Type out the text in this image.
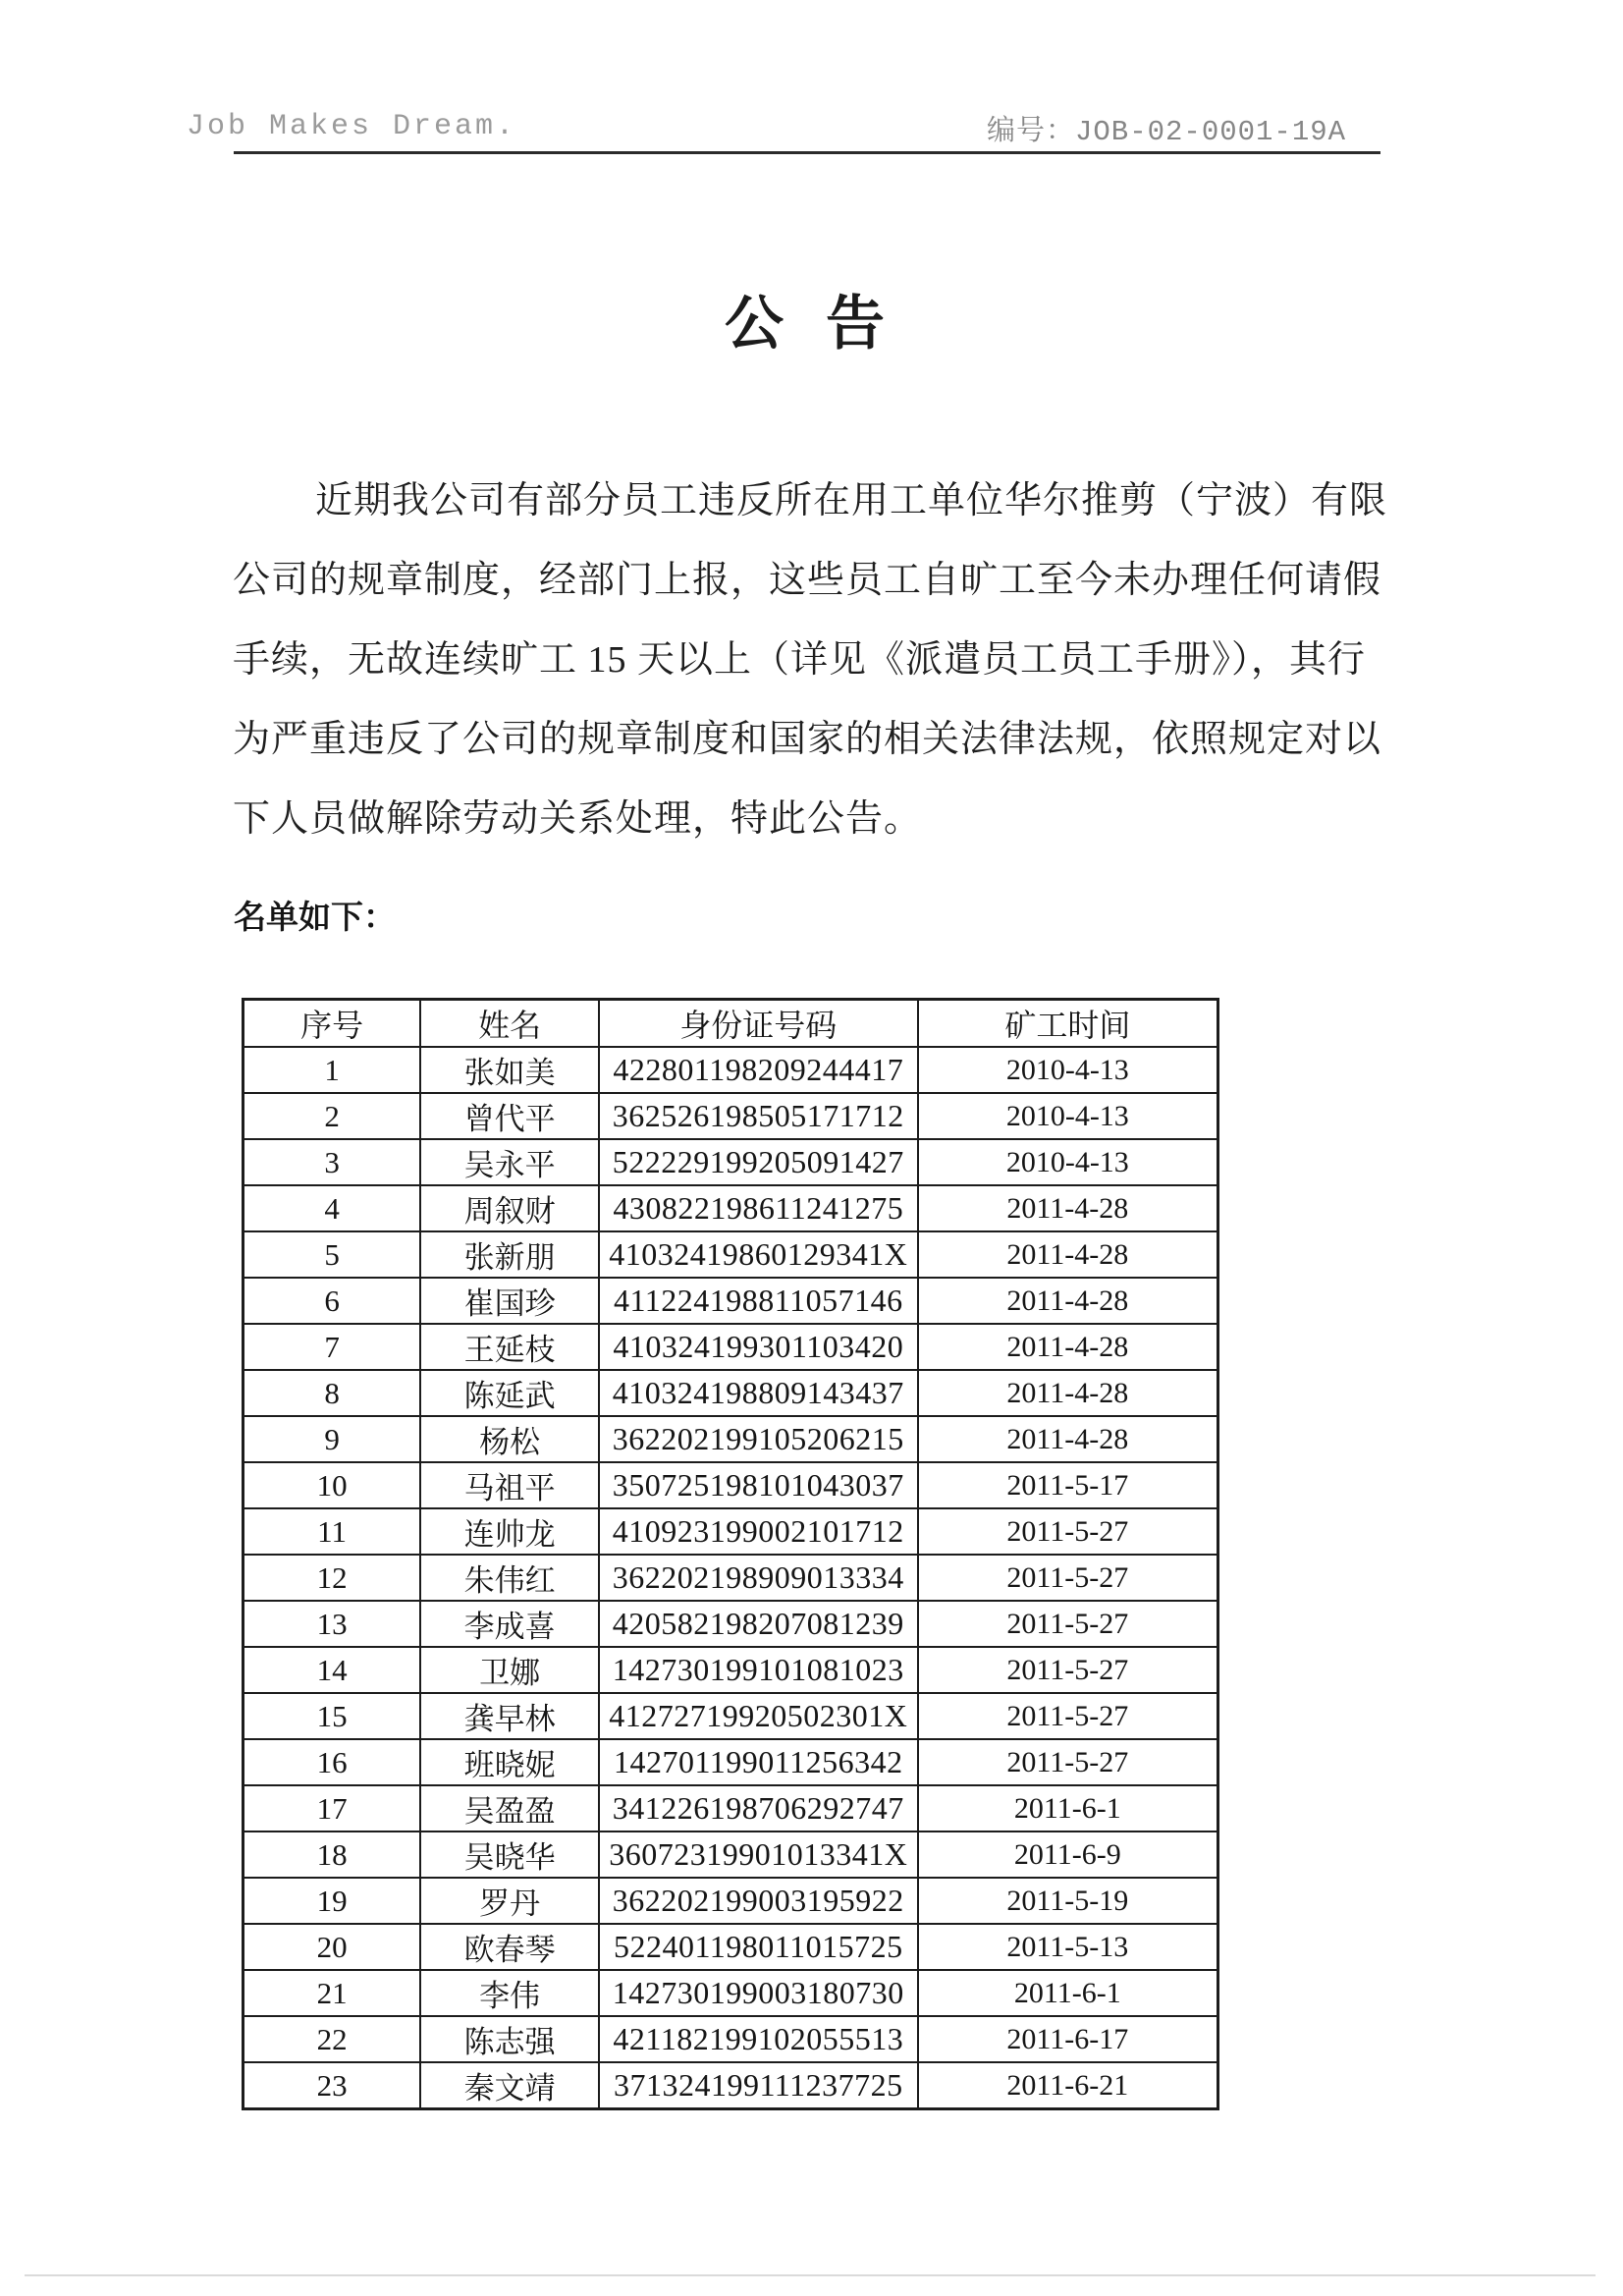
Job Makes Dream.	编号：JOB-02-0001-19A
公 告
近期我公司有部分员工违反所在用工单位华尔推剪（宁波）有限
公司的规章制度，经部门上报，这些员工自旷工至今未办理任何请假
手续，无故连续旷工 15 天以上（详见《派遣员工员工手册》），其行
为严重违反了公司的规章制度和国家的相关法律法规，依照规定对以
下人员做解除劳动关系处理，特此公告。
名单如下：
序号	姓名	身份证号码	矿工时间
1	张如美	422801198209244417	2010-4-13
2	曾代平	362526198505171712	2010-4-13
3	吴永平	522229199205091427	2010-4-13
4	周叙财	430822198611241275	2011-4-28
5	张新朋	41032419860129341X	2011-4-28
6	崔国珍	411224198811057146	2011-4-28
7	王延枝	410324199301103420	2011-4-28
8	陈延武	410324198809143437	2011-4-28
9	杨松	362202199105206215	2011-4-28
10	马祖平	350725198101043037	2011-5-17
11	连帅龙	410923199002101712	2011-5-27
12	朱伟红	362202198909013334	2011-5-27
13	李成喜	420582198207081239	2011-5-27
14	卫娜	142730199101081023	2011-5-27
15	龚早林	41272719920502301X	2011-5-27
16	班晓妮	142701199011256342	2011-5-27
17	吴盈盈	341226198706292747	2011-6-1
18	吴晓华	36072319901013341X	2011-6-9
19	罗丹	362202199003195922	2011-5-19
20	欧春琴	522401198011015725	2011-5-13
21	李伟	142730199003180730	2011-6-1
22	陈志强	421182199102055513	2011-6-17
23	秦文靖	371324199111237725	2011-6-21
